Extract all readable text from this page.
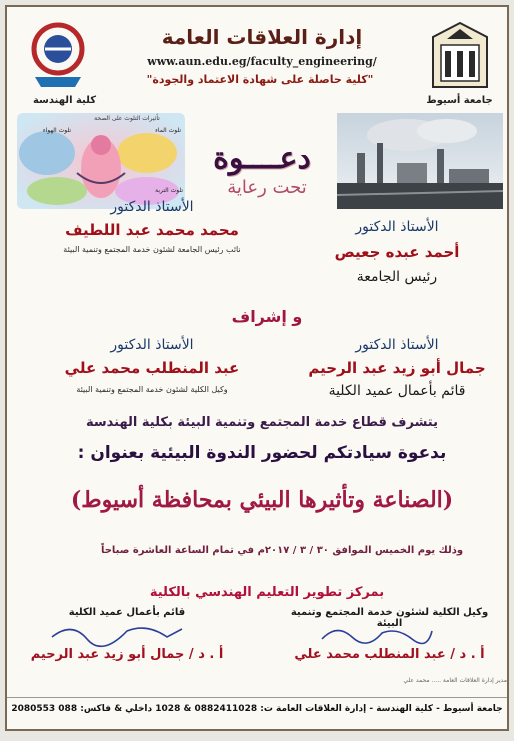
جامعة أسيوط
كلية الهندسة
إدارة العلاقات العامة
www.aun.edu.eg/faculty_engineering/
"كلية حاصلة على شهادة الاعتماد والجودة"
تأثيرات التلوث على الصحة
تلوث الهواء	تلوث الماء
تلوث التربة
دعــــوة
تحت رعاية
الأستاذ الدكتور
أحمد عبده جعيص
رئيس الجامعة
الأستاذ الدكتور
محمد محمد عبد اللطيف
نائب رئيس الجامعة لشئون خدمة المجتمع وتنمية البيئة
و إشراف
الأستاذ الدكتور
جمال أبو زيد عبد الرحيم
قائم بأعمال عميد الكلية
الأستاذ الدكتور
عبد المنطلب محمد علي
وكيل الكلية لشئون خدمة المجتمع وتنمية البيئة
يتشرف قطاع خدمة المجتمع وتنمية البيئة بكلية الهندسة
بدعوة سيادتكم لحضور الندوة البيئية بعنوان :
(الصناعة وتأثيرها البيئي بمحافظة أسيوط)
وذلك يوم الخميس الموافق ٣٠ / ٣ / ٢٠١٧م في تمام الساعة العاشرة صباحاً
بمركز تطوير التعليم الهندسي بالكلية
وكيل الكلية لشئون خدمة المجتمع وتنمية البيئة
أ . د / عبد المنطلب محمد علي
قائم بأعمال عميد الكلية
أ . د / جمال أبو زيد عبد الرحيم
مدير إدارة العلاقات العامة ..... محمد علي
جامعة أسيوط - كلية الهندسة - إدارة العلاقات العامة ت: 0882411028 & 1028 داخلي & فاكس: 088 2080553
